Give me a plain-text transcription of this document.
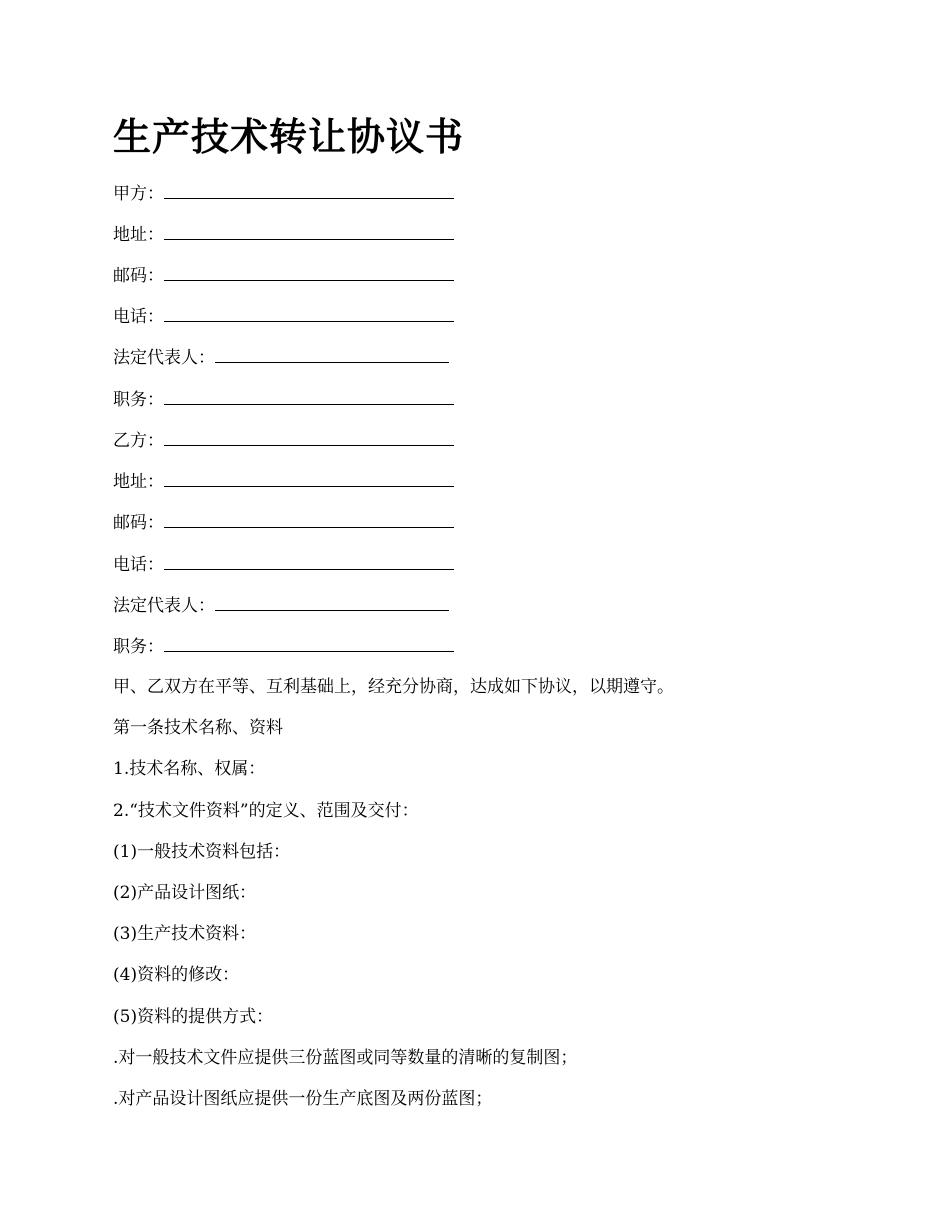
生产技术转让协议书
甲方：
地址：
邮码：
电话：
法定代表人：
职务：
乙方：
地址：
邮码：
电话：
法定代表人：
职务：
甲、乙双方在平等、互利基础上，经充分协商，达成如下协议，以期遵守。
第一条技术名称、资料
1.技术名称、权属：
2.“技术文件资料”的定义、范围及交付：
(1)一般技术资料包括：
(2)产品设计图纸：
(3)生产技术资料：
(4)资料的修改：
(5)资料的提供方式：
.对一般技术文件应提供三份蓝图或同等数量的清晰的复制图；
.对产品设计图纸应提供一份生产底图及两份蓝图；
